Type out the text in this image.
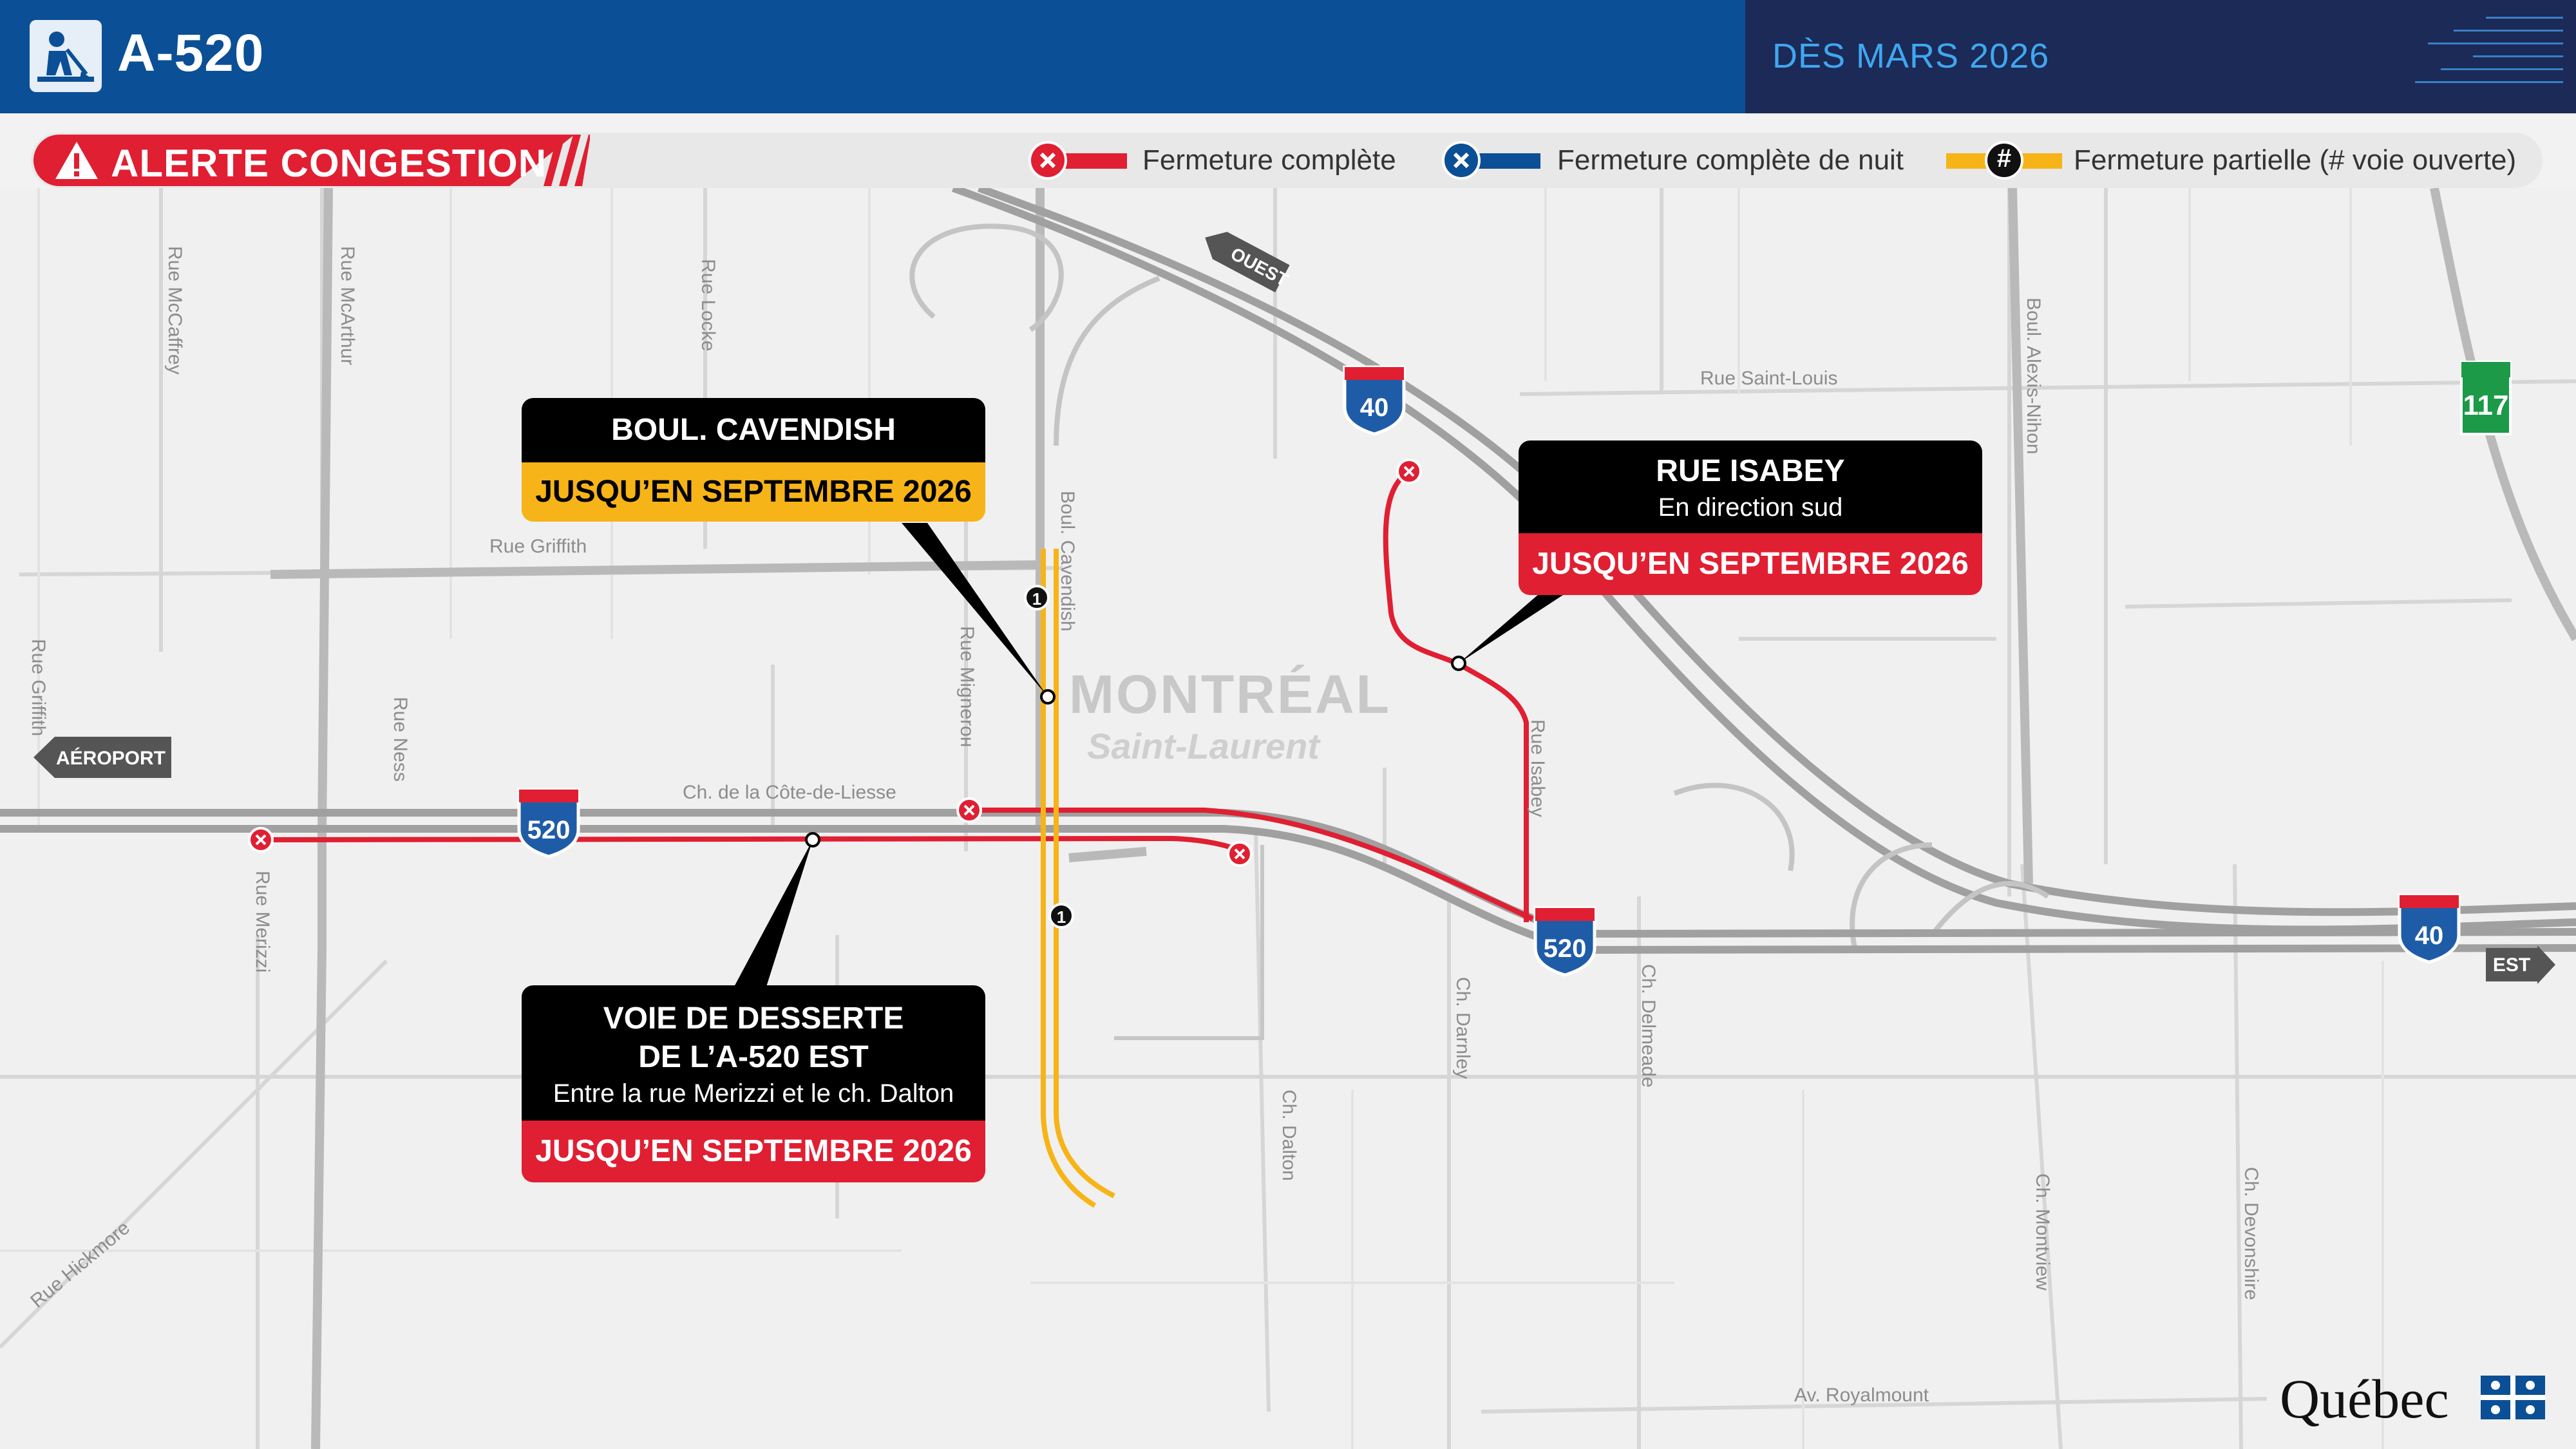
A-520	DÈS MARS 2026
ALERTE CONGESTION	Fermeture complète	Fermeture complète de nuit	# Fermeture partielle (# voie ouverte)
1
1
Rue McCaffrey	Rue McArthur	Rue Locke
Rue Griffith
Rue Griffith
Rue Ness
Rue Merizzi
Rue Mignerон
Boul. Cavendish
Ch. de la Côte-de-Liesse
Rue Saint-Louis	Boul. Alexis-Nihon
Rue Isabey
Ch. Darnley	Ch. Delmeade
Ch. Dalton
Ch. Montview	Ch. Devonshire
Rue Hickmore
Av. Royalmount
OUEST
AÉROPORT
EST
520
520
40
40
117
MONTRÉAL
Saint-Laurent
BOUL. CAVENDISH
JUSQU’EN SEPTEMBRE 2026
RUE ISABEY
En direction sud
JUSQU’EN SEPTEMBRE 2026
VOIE DE DESSERTE
DE L’A-520 EST
Entre la rue Merizzi et le ch. Dalton
JUSQU’EN SEPTEMBRE 2026
Québec
